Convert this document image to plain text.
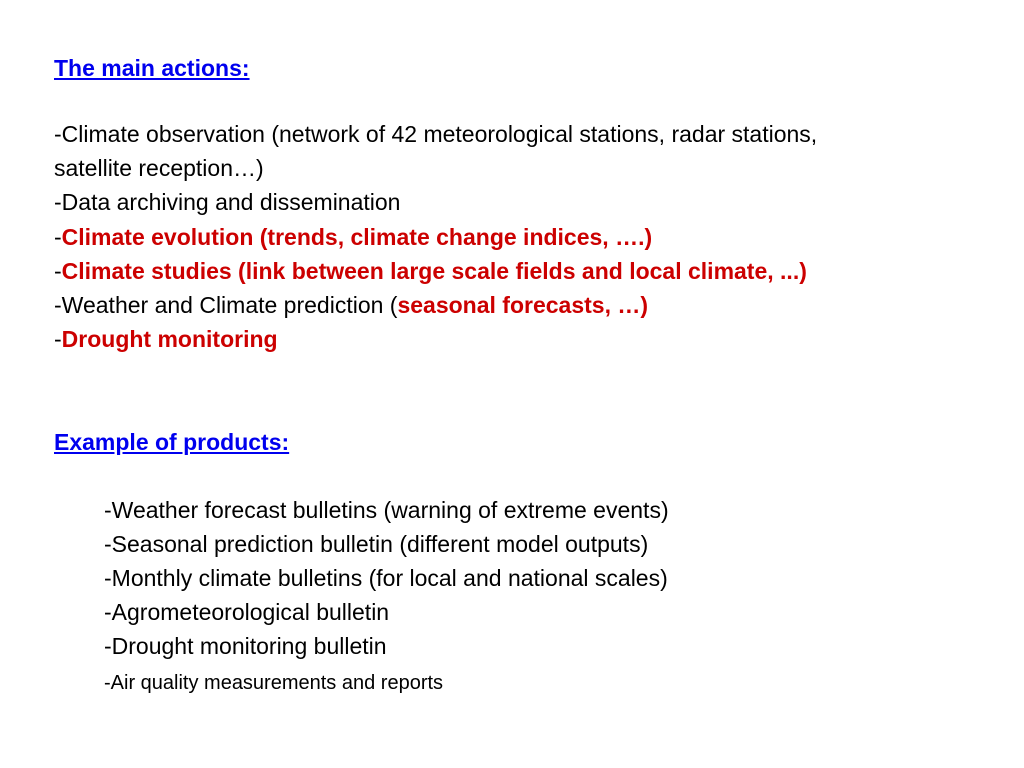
The main actions:
-Climate observation (network of 42 meteorological stations, radar stations,
satellite reception…)
-Data archiving and dissemination
-Climate evolution (trends, climate change indices, ….)
-Climate studies (link between large scale fields and local climate, ...)
-Weather and Climate prediction (seasonal forecasts, …)
-Drought monitoring
Example of products:
-Weather forecast bulletins (warning of extreme events)
-Seasonal prediction bulletin (different model outputs)
-Monthly climate bulletins (for local and national scales)
-Agrometeorological bulletin
-Drought monitoring bulletin
-Air quality measurements and reports
